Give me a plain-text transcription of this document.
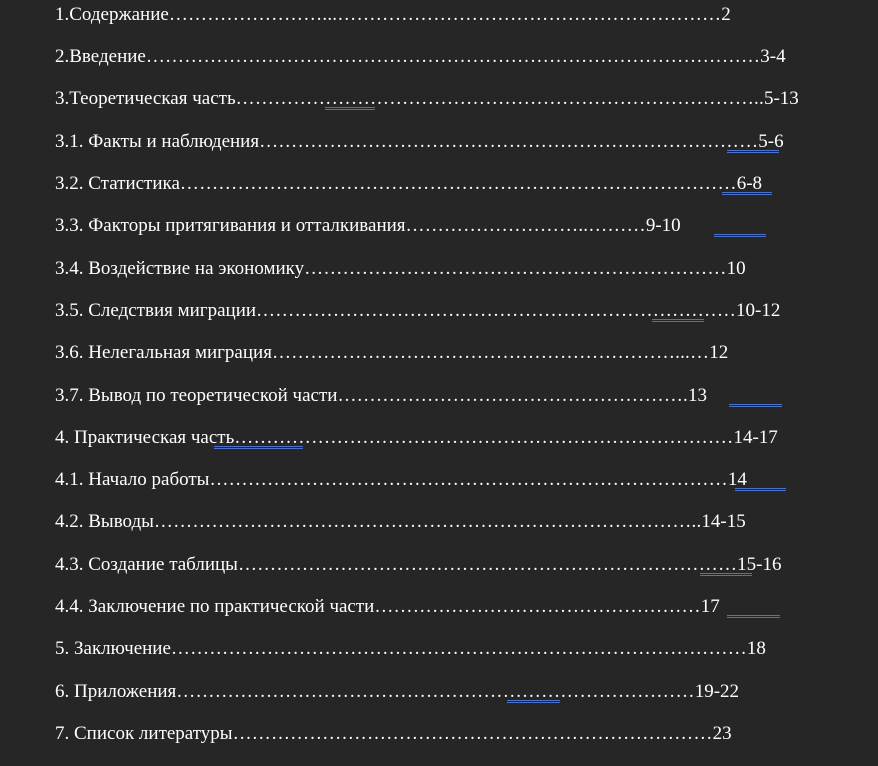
1.Содержание……………………...……………………………………………………2
2.Введение……………………………………………………………………………………3-4
3.Теоретическая часть………………………………………………………………………..5-13
3.1. Факты и наблюдения……………………………………………………………………5-6
3.2. Статистика……………………………………………………………………………6-8
3.3. Факторы притягивания и отталкивания………………………..………9-10
3.4. Воздействие на экономику…………………………………………………………10
3.5. Следствия миграции…………………………………………………………………10-12
3.6. Нелегальная миграция………………………………………………………...…12
3.7. Вывод по теоретической части……………………………………………….13
4. Практическая часть……………………………………………………………………14-17
4.1. Начало работы………………………………………………………………………14
4.2. Выводы…………………………………………………………………………..14-15
4.3. Создание таблицы……………………………………………………………………15-16
4.4. Заключение по практической части……………………………………………17
5. Заключение………………………………………………………………………………18
6. Приложения………………………………………………………………………19-22
7. Список литературы…………………………………………………………………23
